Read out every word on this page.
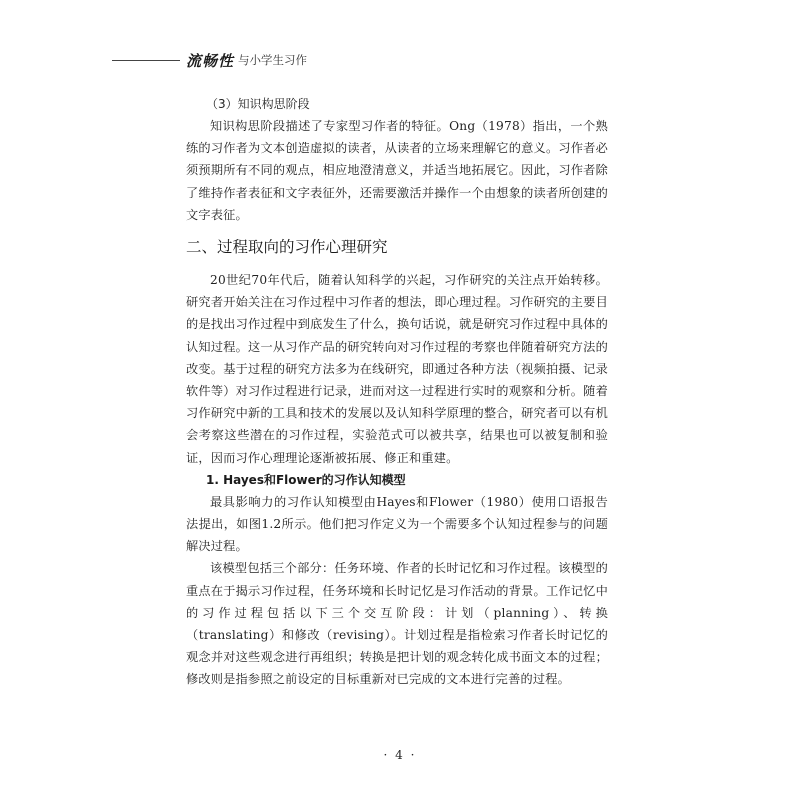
流畅性 与小学生习作
（3）知识构思阶段

知识构思阶段描述了专家型习作者的特征。Ong（1978）指出，一个熟练的习作者为文本创造虚拟的读者，从读者的立场来理解它的意义。习作者必须预期所有不同的观点，相应地澄清意义，并适当地拓展它。因此，习作者除了维持作者表征和文字表征外，还需要激活并操作一个由想象的读者所创建的文字表征。

二、过程取向的习作心理研究

20世纪70年代后，随着认知科学的兴起，习作研究的关注点开始转移。研究者开始关注在习作过程中习作者的想法，即心理过程。习作研究的主要目的是找出习作过程中到底发生了什么，换句话说，就是研究习作过程中具体的认知过程。这一从习作产品的研究转向对习作过程的考察也伴随着研究方法的改变。基于过程的研究方法多为在线研究，即通过各种方法（视频拍摄、记录软件等）对习作过程进行记录，进而对这一过程进行实时的观察和分析。随着习作研究中新的工具和技术的发展以及认知科学原理的整合，研究者可以有机会考察这些潜在的习作过程，实验范式可以被共享，结果也可以被复制和验证，因而习作心理理论逐渐被拓展、修正和重建。

1. Hayes和Flower的习作认知模型

最具影响力的习作认知模型由Hayes和Flower（1980）使用口语报告法提出，如图1.2所示。他们把习作定义为一个需要多个认知过程参与的问题解决过程。

该模型包括三个部分：任务环境、作者的长时记忆和习作过程。该模型的重点在于揭示习作过程，任务环境和长时记忆是习作活动的背景。工作记忆中的习作过程包括以下三个交互阶段：计划（planning）、转换（translating）和修改（revising）。计划过程是指检索习作者长时记忆的观念并对这些观念进行再组织；转换是把计划的观念转化成书面文本的过程；修改则是指参照之前设定的目标重新对已完成的文本进行完善的过程。

· 4 ·
